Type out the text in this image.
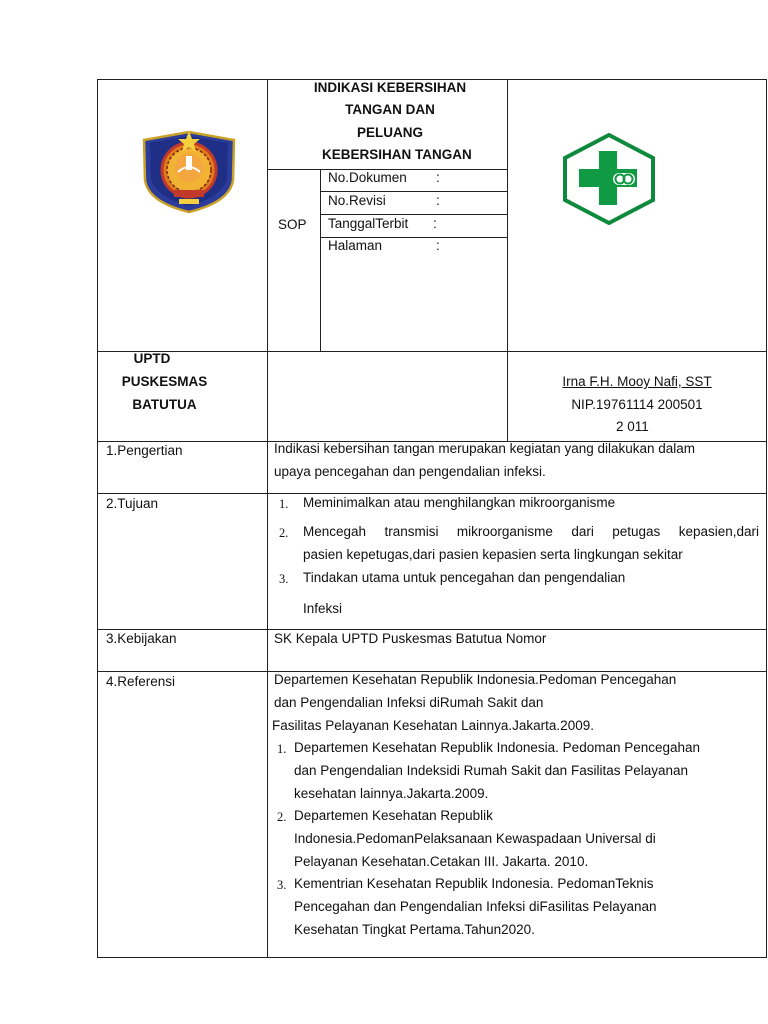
INDIKASI KEBERSIHAN
TANGAN DAN
PELUANG
KEBERSIHAN TANGAN
SOP
No.Dokumen :
No.Revisi	:
TanggalTerbit :
Halaman	:
UPTD
PUSKESMAS
BATUTUA
Irna F.H. Mooy Nafi, SST
NIP.19761114 200501
2 011
1.Pengertian	Indikasi kebersihan tangan merupakan kegiatan yang dilakukan dalam
upaya pencegahan dan pengendalian infeksi.
2.Tujuan	1. Meminimalkan atau menghilangkan mikroorganisme
2. Mencegah transmisi mikroorganisme dari petugas kepasien,dari
pasien kepetugas,dari pasien kepasien serta lingkungan sekitar
3. Tindakan utama untuk pencegahan dan pengendalian
Infeksi
3.Kebijakan	SK Kepala UPTD Puskesmas Batutua Nomor
4.Referensi	Departemen Kesehatan Republik Indonesia.Pedoman Pencegahan
dan Pengendalian Infeksi diRumah Sakit dan
Fasilitas Pelayanan Kesehatan Lainnya.Jakarta.2009.
1. Departemen Kesehatan Republik Indonesia. Pedoman Pencegahan
dan Pengendalian Indeksidi Rumah Sakit dan Fasilitas Pelayanan
kesehatan lainnya.Jakarta.2009.
2. Departemen Kesehatan Republik
Indonesia.PedomanPelaksanaan Kewaspadaan Universal di
Pelayanan Kesehatan.Cetakan III. Jakarta. 2010.
3. Kementrian Kesehatan Republik Indonesia. PedomanTeknis
Pencegahan dan Pengendalian Infeksi diFasilitas Pelayanan
Kesehatan Tingkat Pertama.Tahun2020.
